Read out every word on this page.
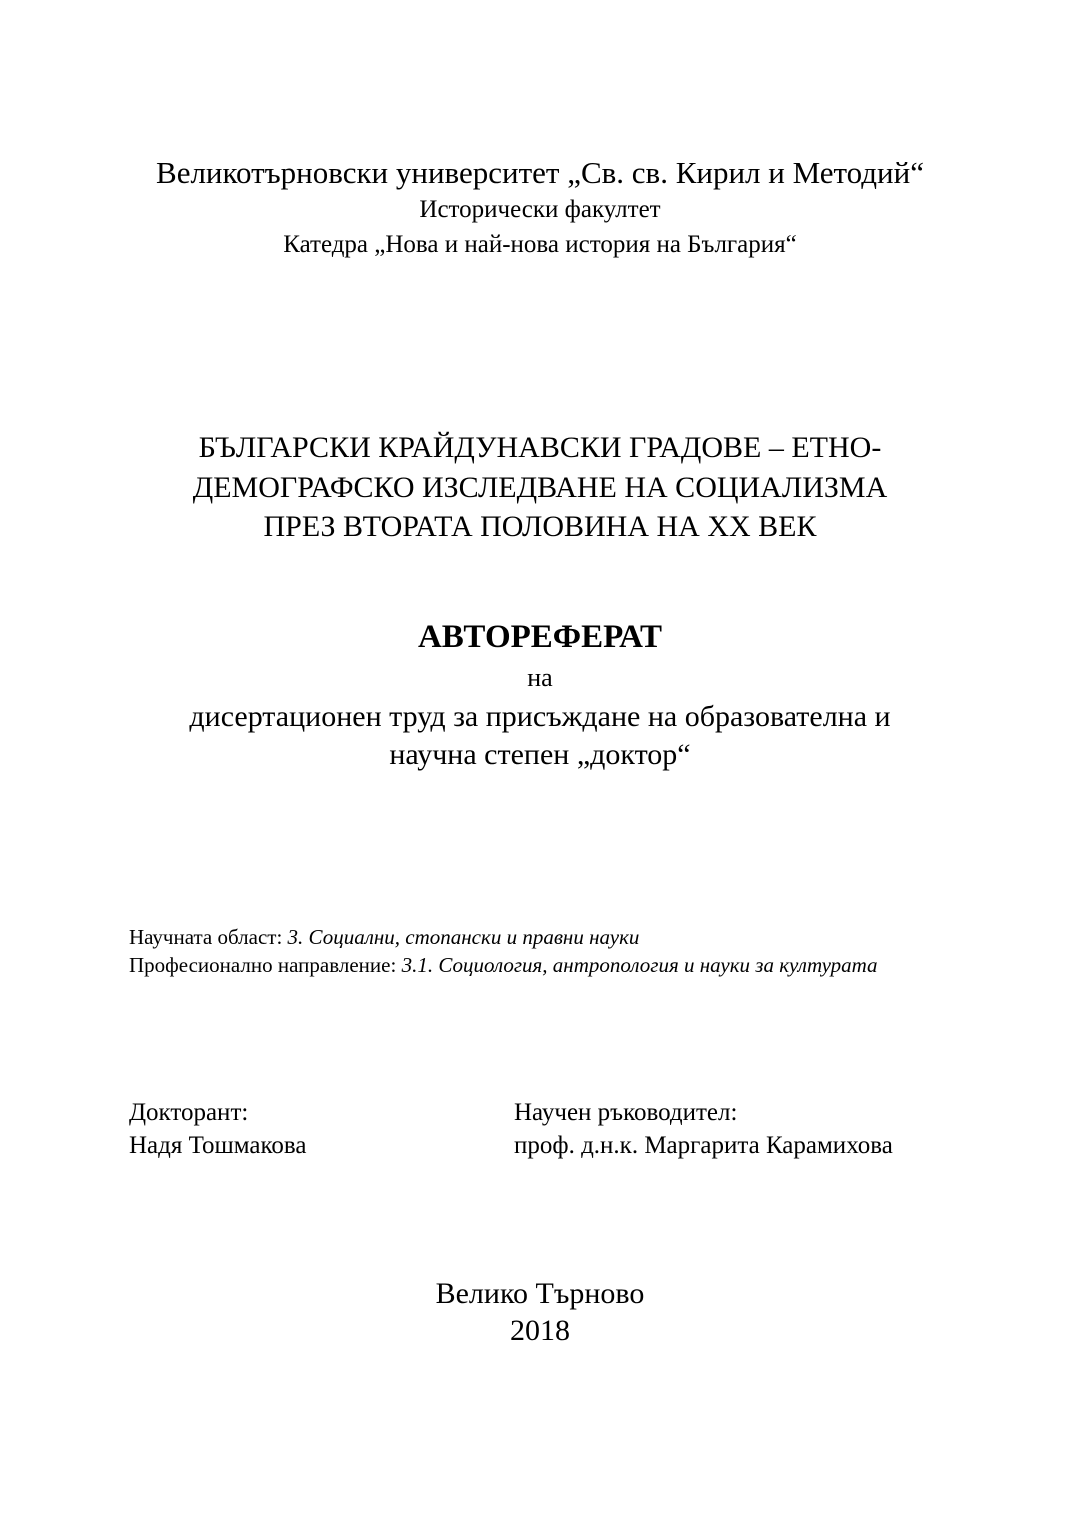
Великотърновски университет „Св. св. Кирил и Методий“
Исторически факултет
Катедра „Нова и най-нова история на България“
БЪЛГАРСКИ КРАЙДУНАВСКИ ГРАДОВЕ – ЕТНО-
ДЕМОГРАФСКО ИЗСЛЕДВАНЕ НА СОЦИАЛИЗМА
ПРЕЗ ВТОРАТА ПОЛОВИНА НА XX ВЕК
АВТОРЕФЕРАТ
на
дисертационен труд за присъждане на образователна и
научна степен „доктор“
Научната област: 3. Социални, стопански и правни науки
Професионално направление: 3.1. Социология, антропология и науки за културата
Докторант:
Надя Тошмакова
Научен ръководител:
проф. д.н.к. Маргарита Карамихова
Велико Търново
2018
